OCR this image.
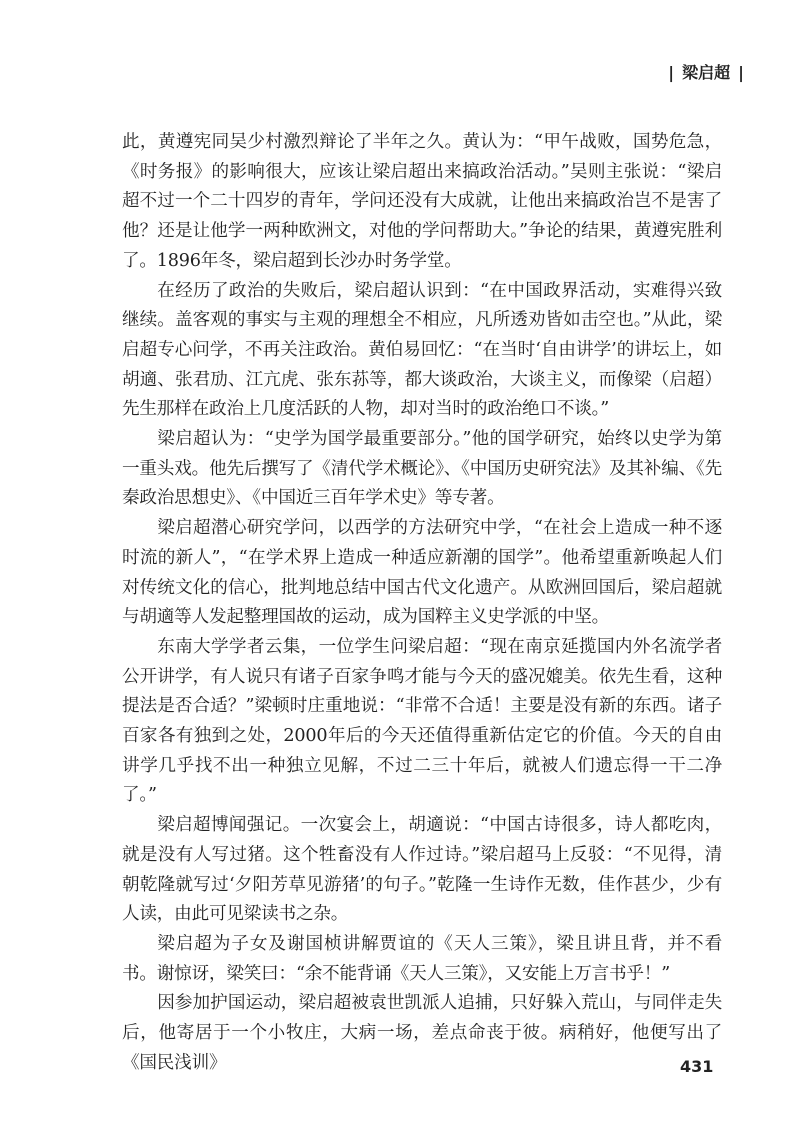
| 梁启超 |

此，黄遵宪同吴少村激烈辩论了半年之久。黄认为：“甲午战败，国势危急，《时务报》的影响很大，应该让梁启超出来搞政治活动。”吴则主张说：“梁启超不过一个二十四岁的青年，学问还没有大成就，让他出来搞政治岂不是害了他？还是让他学一两种欧洲文，对他的学问帮助大。”争论的结果，黄遵宪胜利了。1896年冬，梁启超到长沙办时务学堂。

在经历了政治的失败后，梁启超认识到：“在中国政界活动，实难得兴致继续。盖客观的事实与主观的理想全不相应，凡所透劝皆如击空也。”从此，梁启超专心问学，不再关注政治。黄伯易回忆：“在当时‘自由讲学’的讲坛上，如胡適、张君劢、江亢虎、张东荪等，都大谈政治，大谈主义，而像梁（启超）先生那样在政治上几度活跃的人物，却对当时的政治绝口不谈。”

梁启超认为：“史学为国学最重要部分。”他的国学研究，始终以史学为第一重头戏。他先后撰写了《清代学术概论》、《中国历史研究法》及其补编、《先秦政治思想史》、《中国近三百年学术史》等专著。

梁启超潜心研究学问，以西学的方法研究中学，“在社会上造成一种不逐时流的新人”，“在学术界上造成一种适应新潮的国学”。他希望重新唤起人们对传统文化的信心，批判地总结中国古代文化遗产。从欧洲回国后，梁启超就与胡適等人发起整理国故的运动，成为国粹主义史学派的中坚。

东南大学学者云集，一位学生问梁启超：“现在南京延揽国内外名流学者公开讲学，有人说只有诸子百家争鸣才能与今天的盛况媲美。依先生看，这种提法是否合适？”梁顿时庄重地说：“非常不合适！主要是没有新的东西。诸子百家各有独到之处，2000年后的今天还值得重新估定它的价值。今天的自由讲学几乎找不出一种独立见解，不过二三十年后，就被人们遗忘得一干二净了。”

梁启超博闻强记。一次宴会上，胡適说：“中国古诗很多，诗人都吃肉，就是没有人写过猪。这个牲畜没有人作过诗。”梁启超马上反驳：“不见得，清朝乾隆就写过‘夕阳芳草见游猪’的句子。”乾隆一生诗作无数，佳作甚少，少有人读，由此可见梁读书之杂。

梁启超为子女及谢国桢讲解贾谊的《天人三策》，梁且讲且背，并不看书。谢惊讶，梁笑曰：“余不能背诵《天人三策》，又安能上万言书乎！”

因参加护国运动，梁启超被袁世凯派人追捕，只好躲入荒山，与同伴走失后，他寄居于一个小牧庄，大病一场，差点命丧于彼。病稍好，他便写出了《国民浅训》	431
